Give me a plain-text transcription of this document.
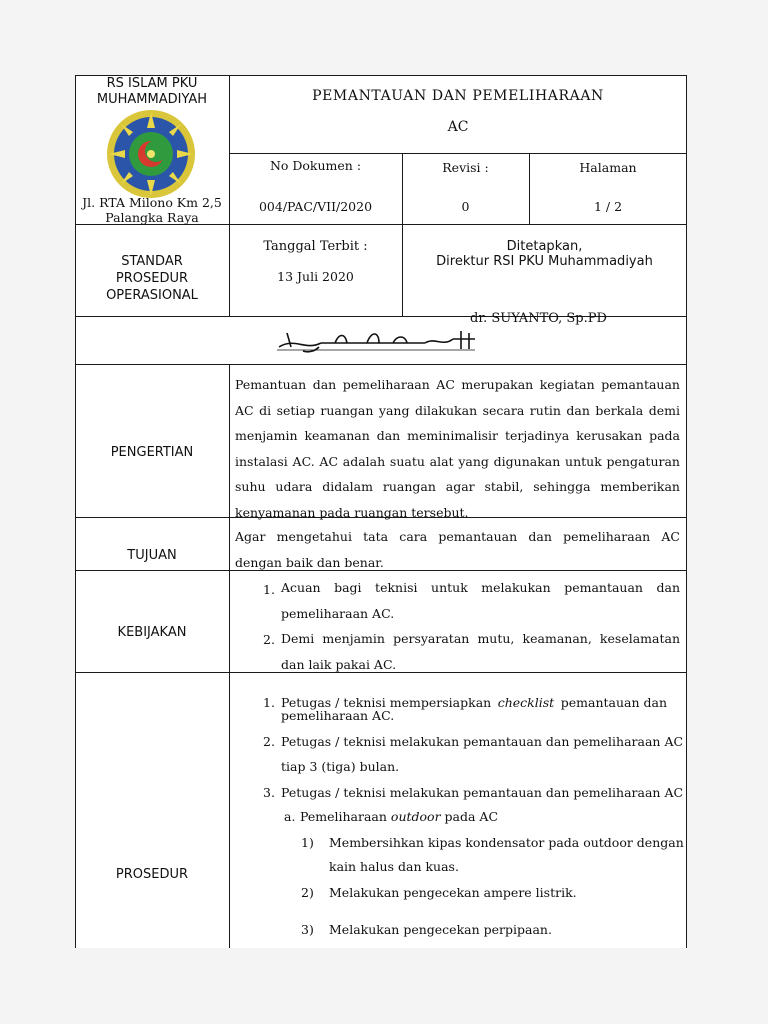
RS ISLAM PKU MUHAMMADIYAH
Jl. RTA Milono Km 2,5 Palangka Raya
PEMANTAUAN DAN PEMELIHARAAN
AC
No Dokumen :
004/PAC/VII/2020
Revisi :
0
Halaman
1 / 2
STANDAR PROSEDUR OPERASIONAL
Tanggal Terbit :
13 Juli 2020
Ditetapkan,
Direktur RSI PKU Muhammadiyah
dr. SUYANTO, Sp.PD
PENGERTIAN
Pemantuan dan pemeliharaan AC merupakan kegiatan pemantauan AC di setiap ruangan yang dilakukan secara rutin dan berkala demi menjamin keamanan dan meminimalisir terjadinya kerusakan pada instalasi AC. AC adalah suatu alat yang digunakan untuk pengaturan suhu udara didalam ruangan agar stabil, sehingga memberikan kenyamanan pada ruangan tersebut.
TUJUAN
Agar mengetahui tata cara pemantauan dan pemeliharaan AC dengan baik dan benar.
KEBIJAKAN
1. Acuan bagi teknisi untuk melakukan pemantauan dan pemeliharaan AC.
2. Demi menjamin persyaratan mutu, keamanan, keselamatan dan laik pakai AC.
PROSEDUR
1. Petugas / teknisi mempersiapkan checklist pemantauan dan
pemeliharaan AC.
2. Petugas / teknisi melakukan pemantauan dan pemeliharaan AC
tiap 3 (tiga) bulan.
3. Petugas / teknisi melakukan pemantauan dan pemeliharaan AC
a. Pemeliharaan outdoor pada AC
1) Membersihkan kipas kondensator pada outdoor dengan
kain halus dan kuas.
2) Melakukan pengecekan ampere listrik.
3) Melakukan pengecekan perpipaan.
